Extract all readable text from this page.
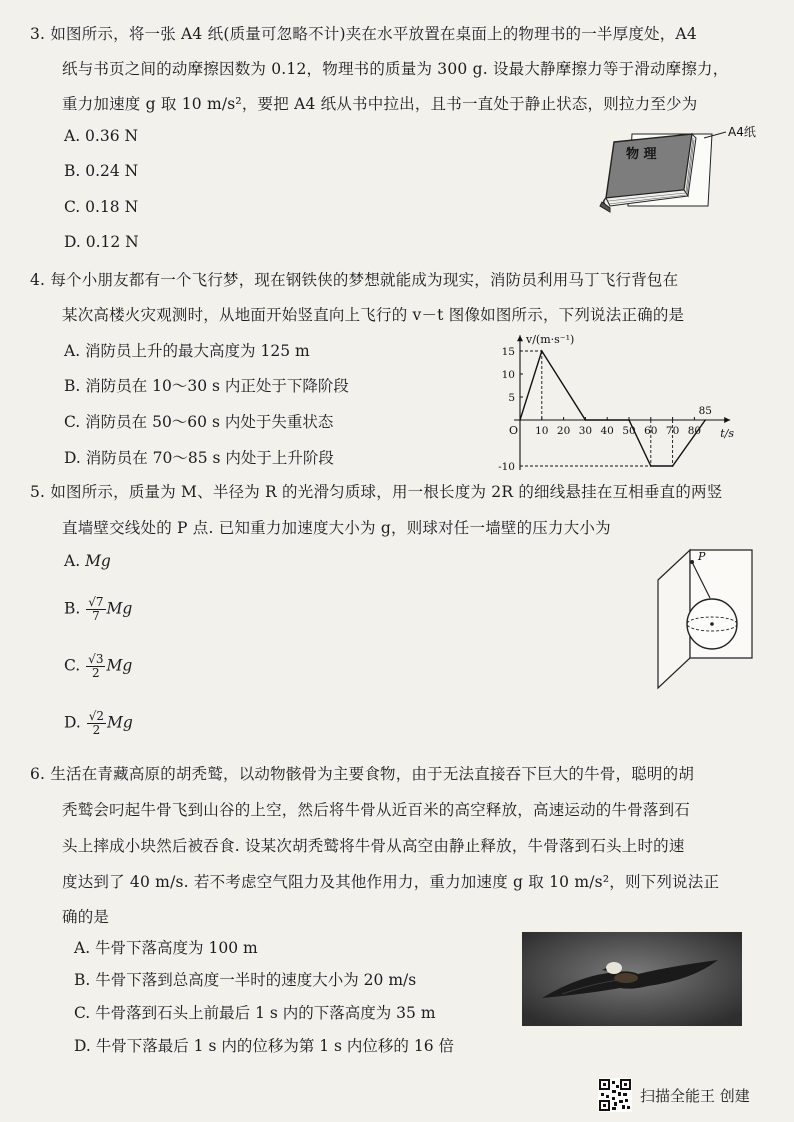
3. 如图所示，将一张 A4 纸(质量可忽略不计)夹在水平放置在桌面上的物理书的一半厚度处，A4
纸与书页之间的动摩擦因数为 0.12，物理书的质量为 300 g. 设最大静摩擦力等于滑动摩擦力，
重力加速度 g 取 10 m/s²，要把 A4 纸从书中拉出，且书一直处于静止状态，则拉力至少为
A. 0.36 N
B. 0.24 N
C. 0.18 N
D. 0.12 N
物 理
A4纸
4. 每个小朋友都有一个飞行梦，现在钢铁侠的梦想就能成为现实，消防员利用马丁飞行背包在
某次高楼火灾观测时，从地面开始竖直向上飞行的 v－t 图像如图所示，下列说法正确的是
A. 消防员上升的最大高度为 125 m
B. 消防员在 10～30 s 内正处于下降阶段
C. 消防员在 50～60 s 内处于失重状态
D. 消防员在 70～85 s 内处于上升阶段
10 20 30 40 50 60 70 80
15
10
5
-10
v/(m·s⁻¹)
t/s
O
85
5. 如图所示，质量为 M、半径为 R 的光滑匀质球，用一根长度为 2R 的细线悬挂在互相垂直的两竖
直墙壁交线处的 P 点. 已知重力加速度大小为 g，则球对任一墙壁的压力大小为
A. Mg
B. $\frac{√7}{7}$ Mg
C. $\frac{√3}{2}$ Mg
D. $\frac{√2}{2}$ Mg
P
6. 生活在青藏高原的胡秃鹫，以动物骸骨为主要食物，由于无法直接吞下巨大的牛骨，聪明的胡
秃鹫会叼起牛骨飞到山谷的上空，然后将牛骨从近百米的高空释放，高速运动的牛骨落到石
头上摔成小块然后被吞食. 设某次胡秃鹫将牛骨从高空由静止释放，牛骨落到石头上时的速
度达到了 40 m/s. 若不考虑空气阻力及其他作用力，重力加速度 g 取 10 m/s²，则下列说法正
确的是
A. 牛骨下落高度为 100 m
B. 牛骨下落到总高度一半时的速度大小为 20 m/s
C. 牛骨落到石头上前最后 1 s 内的下落高度为 35 m
D. 牛骨下落最后 1 s 内的位移为第 1 s 内位移的 16 倍
扫描全能王 创建
